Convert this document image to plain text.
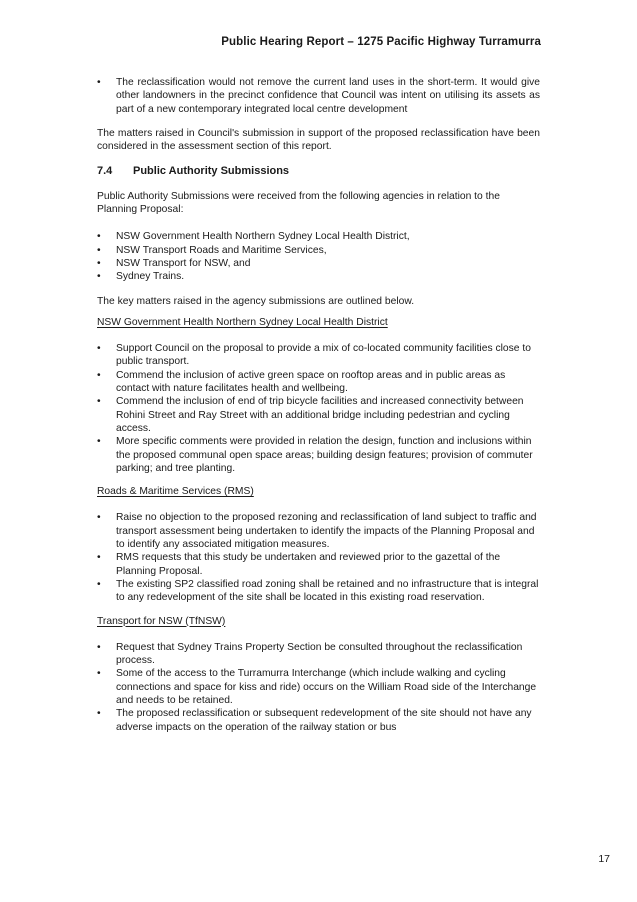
Public Hearing Report – 1275 Pacific Highway Turramurra
• The reclassification would not remove the current land uses in the short-term. It would give other landowners in the precinct confidence that Council was intent on utilising its assets as part of a new contemporary integrated local centre development

The matters raised in Council's submission in support of the proposed reclassification have been considered in the assessment section of this report.

7.4 Public Authority Submissions

Public Authority Submissions were received from the following agencies in relation to the Planning Proposal:

• NSW Government Health Northern Sydney Local Health District,
• NSW Transport Roads and Maritime Services,
• NSW Transport for NSW, and
• Sydney Trains.

The key matters raised in the agency submissions are outlined below.

NSW Government Health Northern Sydney Local Health District

• Support Council on the proposal to provide a mix of co-located community facilities close to public transport.
• Commend the inclusion of active green space on rooftop areas and in public areas as contact with nature facilitates health and wellbeing.
• Commend the inclusion of end of trip bicycle facilities and increased connectivity between Rohini Street and Ray Street with an additional bridge including pedestrian and cycling access.
• More specific comments were provided in relation the design, function and inclusions within the proposed communal open space areas; building design features; provision of commuter parking; and tree planting.

Roads & Maritime Services (RMS)

• Raise no objection to the proposed rezoning and reclassification of land subject to traffic and transport assessment being undertaken to identify the impacts of the Planning Proposal and to identify any associated mitigation measures.
• RMS requests that this study be undertaken and reviewed prior to the gazettal of the Planning Proposal.
• The existing SP2 classified road zoning shall be retained and no infrastructure that is integral to any redevelopment of the site shall be located in this existing road reservation.

Transport for NSW (TfNSW)

• Request that Sydney Trains Property Section be consulted throughout the reclassification process.
• Some of the access to the Turramurra Interchange (which include walking and cycling connections and space for kiss and ride) occurs on the William Road side of the Interchange and needs to be retained.
• The proposed reclassification or subsequent redevelopment of the site should not have any adverse impacts on the operation of the railway station or bus
17
